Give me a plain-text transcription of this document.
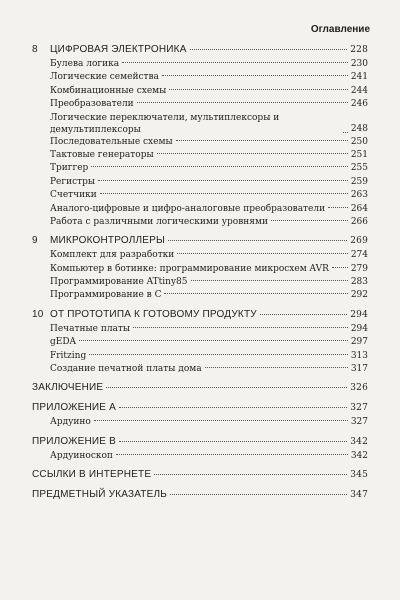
Оглавление
8	ЦИФРОВАЯ ЭЛЕКТРОНИКА	228
Булева логика	230
Логические семейства	241
Комбинационные схемы	244
Преобразователи	246
Логические переключатели, мультиплексоры и демультиплексоры	248
Последовательные схемы	250
Тактовые генераторы	251
Триггер	255
Регистры	259
Счетчики	263
Аналого-цифровые и цифро-аналоговые преобразователи	264
Работа с различными логическими уровнями	266
9	МИКРОКОНТРОЛЛЕРЫ	269
Комплект для разработки	274
Компьютер в ботинке: программирование микросхем AVR 279
Программирование ATtiny85	283
Программирование в C	292
10 ОТ ПРОТОТИПА К ГОТОВОМУ ПРОДУКТУ	294
Печатные платы	294
gEDA	297
Fritzing	313
Создание печатной платы дома	317
ЗАКЛЮЧЕНИЕ	326
ПРИЛОЖЕНИЕ А	327
Ардуино	327
ПРИЛОЖЕНИЕ В	342
Ардуиноскоп	342
ССЫЛКИ В ИНТЕРНЕТЕ	345
ПРЕДМЕТНЫЙ УКАЗАТЕЛЬ	347
